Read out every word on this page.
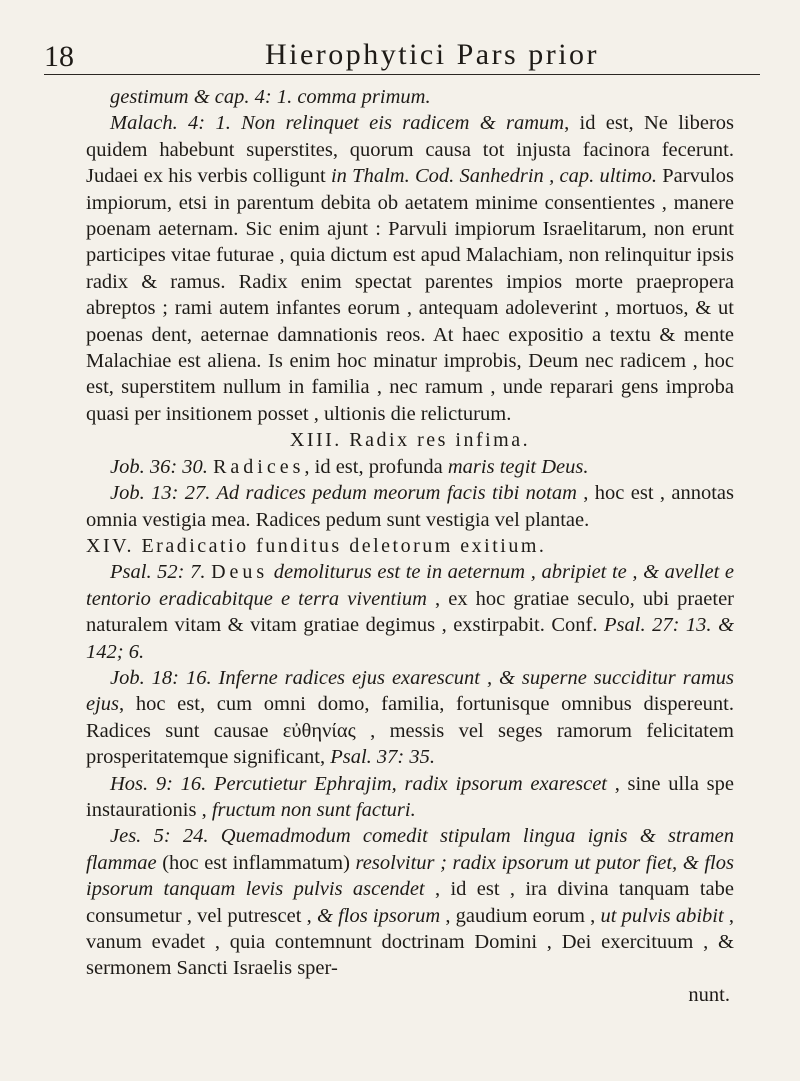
18	Hierophytici Pars prior

gestimum & cap. 4: 1. comma primum.

Malach. 4: 1. Non relinquet eis radicem & ramum, id est, Ne liberos quidem habebunt superstites, quorum causa tot injusta facinora fecerunt. Judaei ex his verbis colligunt in Thalm. Cod. Sanhedrin , cap. ultimo. Parvulos impiorum, etsi in parentum debita ob aetatem minime consentientes , manere poenam aeternam. Sic enim ajunt : Parvuli impiorum Israelitarum, non erunt participes vitae futurae , quia dictum est apud Malachiam, non relinquitur ipsis radix & ramus. Radix enim spectat parentes impios morte praepropera abreptos ; rami autem infantes eorum , antequam adoleverint , mortuos, & ut poenas dent, aeternae damnationis reos. At haec expositio a textu & mente Malachiae est aliena. Is enim hoc minatur improbis, Deum nec radicem , hoc est, superstitem nullum in familia , nec ramum , unde reparari gens improba quasi per insitionem posset , ultionis die relicturum.

XIII. Radix res infima.

Job. 36: 30. Radices, id est, profunda maris tegit Deus.

Job. 13: 27. Ad radices pedum meorum facis tibi notam , hoc est , annotas omnia vestigia mea. Radices pedum sunt vestigia vel plantae.

XIV. Eradicatio funditus deletorum exitium.

Psal. 52: 7. Deus demoliturus est te in aeternum , abripiet te , & avellet e tentorio eradicabitque e terra viventium , ex hoc gratiae seculo, ubi praeter naturalem vitam & vitam gratiae degimus , exstirpabit. Conf. Psal. 27: 13. & 142; 6.

Job. 18: 16. Inferne radices ejus exarescunt , & superne succiditur ramus ejus, hoc est, cum omni domo, familia, fortunisque omnibus dispereunt. Radices sunt causae εὐθηνίας , messis vel seges ramorum felicitatem prosperitatemque significant, Psal. 37: 35.

Hos. 9: 16. Percutietur Ephrajim, radix ipsorum exarescet , sine ulla spe instaurationis , fructum non sunt facturi.

Jes. 5: 24. Quemadmodum comedit stipulam lingua ignis & stramen flammae (hoc est inflammatum) resolvitur ; radix ipsorum ut putor fiet, & flos ipsorum tanquam levis pulvis ascendet , id est , ira divina tanquam tabe consumetur , vel putrescet , & flos ipsorum , gaudium eorum , ut pulvis abibit , vanum evadet , quia contemnunt doctrinam Domini , Dei exercituum , & sermonem Sancti Israelis sper-

nunt.
